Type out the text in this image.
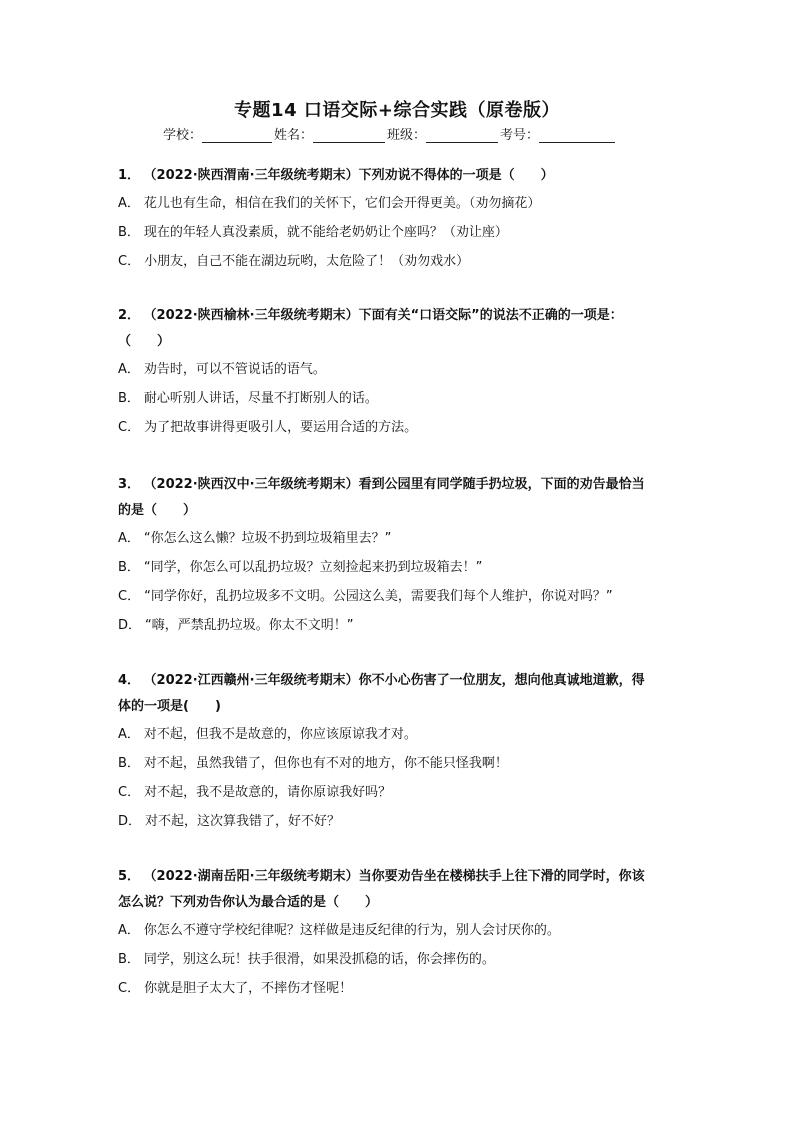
专题14 口语交际+综合实践（原卷版）
学校：	姓名：	班级：	考号：
1． （2022·陕西渭南·三年级统考期末）下列劝说不得体的一项是（　　）
A． 花儿也有生命，相信在我们的关怀下，它们会开得更美。（劝勿摘花）
B． 现在的年轻人真没素质，就不能给老奶奶让个座吗？（劝让座）
C． 小朋友，自己不能在湖边玩哟，太危险了！（劝勿戏水）
2． （2022·陕西榆林·三年级统考期末）下面有关“口语交际”的说法不正确的一项是：
（　　）
A． 劝告时，可以不管说话的语气。
B． 耐心听别人讲话，尽量不打断别人的话。
C． 为了把故事讲得更吸引人，要运用合适的方法。
3． （2022·陕西汉中·三年级统考期末）看到公园里有同学随手扔垃圾，下面的劝告最恰当
的是（　　）
A． “你怎么这么懒？垃圾不扔到垃圾箱里去？”
B． “同学，你怎么可以乱扔垃圾？立刻捡起来扔到垃圾箱去！”
C． “同学你好，乱扔垃圾多不文明。公园这么美，需要我们每个人维护，你说对吗？”
D． “嗨，严禁乱扔垃圾。你太不文明！”
4． （2022·江西赣州·三年级统考期末）你不小心伤害了一位朋友，想向他真诚地道歉，得
体的一项是(　　)
A． 对不起，但我不是故意的，你应该原谅我才对。
B． 对不起，虽然我错了，但你也有不对的地方，你不能只怪我啊！
C． 对不起，我不是故意的，请你原谅我好吗？
D． 对不起，这次算我错了，好不好？
5． （2022·湖南岳阳·三年级统考期末）当你要劝告坐在楼梯扶手上往下滑的同学时，你该
怎么说？下列劝告你认为最合适的是（　　）
A． 你怎么不遵守学校纪律呢？这样做是违反纪律的行为，别人会讨厌你的。
B． 同学，别这么玩！扶手很滑，如果没抓稳的话，你会摔伤的。
C． 你就是胆子太大了，不摔伤才怪呢！
